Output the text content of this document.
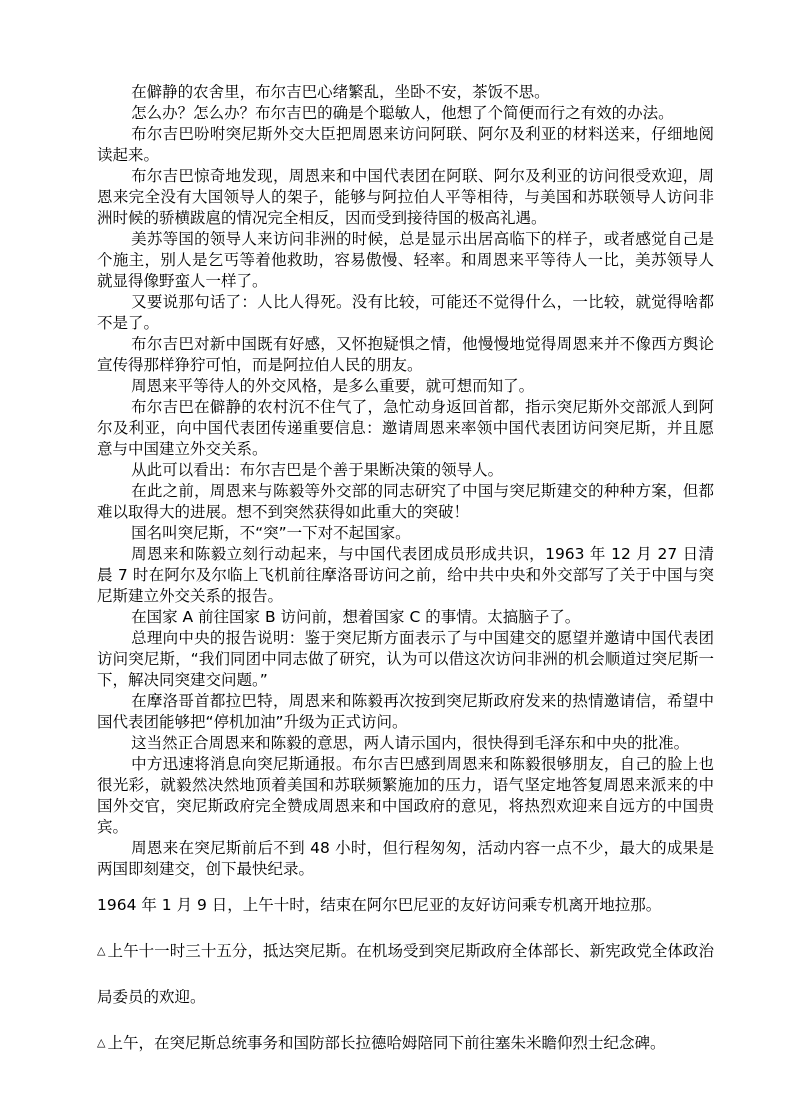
在僻静的农舍里，布尔吉巴心绪繁乱，坐卧不安，茶饭不思。

怎么办？怎么办？布尔吉巴的确是个聪敏人，他想了个简便而行之有效的办法。

布尔吉巴吩咐突尼斯外交大臣把周恩来访问阿联、阿尔及利亚的材料送来，仔细地阅读起来。

布尔吉巴惊奇地发现，周恩来和中国代表团在阿联、阿尔及利亚的访问很受欢迎，周恩来完全没有大国领导人的架子，能够与阿拉伯人平等相待，与美国和苏联领导人访问非洲时候的骄横跋扈的情况完全相反，因而受到接待国的极高礼遇。

美苏等国的领导人来访问非洲的时候，总是显示出居高临下的样子，或者感觉自己是个施主，别人是乞丐等着他救助，容易傲慢、轻率。和周恩来平等待人一比，美苏领导人就显得像野蛮人一样了。

又要说那句话了：人比人得死。没有比较，可能还不觉得什么，一比较，就觉得啥都不是了。

布尔吉巴对新中国既有好感，又怀抱疑惧之情，他慢慢地觉得周恩来并不像西方舆论宣传得那样狰狞可怕，而是阿拉伯人民的朋友。

周恩来平等待人的外交风格，是多么重要，就可想而知了。

布尔吉巴在僻静的农村沉不住气了，急忙动身返回首都，指示突尼斯外交部派人到阿尔及利亚，向中国代表团传递重要信息：邀请周恩来率领中国代表团访问突尼斯，并且愿意与中国建立外交关系。

从此可以看出：布尔吉巴是个善于果断决策的领导人。

在此之前，周恩来与陈毅等外交部的同志研究了中国与突尼斯建交的种种方案，但都难以取得大的进展。想不到突然获得如此重大的突破！

国名叫突尼斯，不“突”一下对不起国家。

周恩来和陈毅立刻行动起来，与中国代表团成员形成共识，1963 年 12 月 27 日清晨 7 时在阿尔及尔临上飞机前往摩洛哥访问之前，给中共中央和外交部写了关于中国与突尼斯建立外交关系的报告。

在国家 A 前往国家 B 访问前，想着国家 C 的事情。太搞脑子了。

总理向中央的报告说明：鉴于突尼斯方面表示了与中国建交的愿望并邀请中国代表团访问突尼斯，“我们同团中同志做了研究，认为可以借这次访问非洲的机会顺道过突尼斯一下，解决同突建交问题。”

在摩洛哥首都拉巴特，周恩来和陈毅再次按到突尼斯政府发来的热情邀请信，希望中国代表团能够把“停机加油”升级为正式访问。

这当然正合周恩来和陈毅的意思，两人请示国内，很快得到毛泽东和中央的批准。

中方迅速将消息向突尼斯通报。布尔吉巴感到周恩来和陈毅很够朋友，自己的脸上也很光彩，就毅然决然地顶着美国和苏联频繁施加的压力，语气坚定地答复周恩来派来的中国外交官，突尼斯政府完全赞成周恩来和中国政府的意见，将热烈欢迎来自远方的中国贵宾。

周恩来在突尼斯前后不到 48 小时，但行程匆匆，活动内容一点不少，最大的成果是两国即刻建交，创下最快纪录。

1964 年 1 月 9 日，上午十时，结束在阿尔巴尼亚的友好访问乘专机离开地拉那。

△ 上午十一时三十五分，抵达突尼斯。在机场受到突尼斯政府全体部长、新宪政党全体政治局委员的欢迎。

△ 上午，在突尼斯总统事务和国防部长拉德哈姆陪同下前往塞朱米瞻仰烈士纪念碑。
